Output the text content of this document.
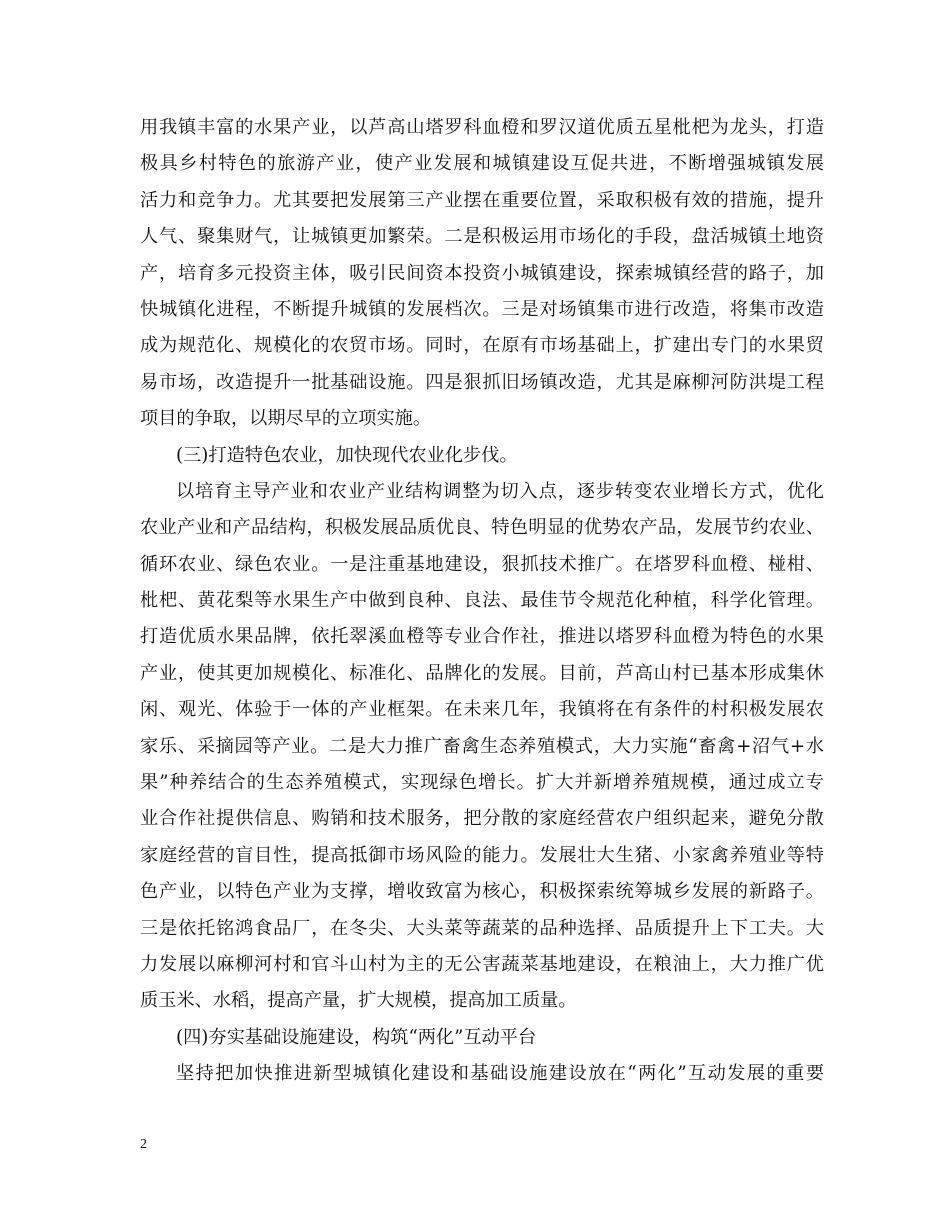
用我镇丰富的水果产业，以芦高山塔罗科血橙和罗汉道优质五星枇杷为龙头，打造
极具乡村特色的旅游产业，使产业发展和城镇建设互促共进，不断增强城镇发展
活力和竞争力。尤其要把发展第三产业摆在重要位置，采取积极有效的措施，提升
人气、聚集财气，让城镇更加繁荣。二是积极运用市场化的手段，盘活城镇土地资
产，培育多元投资主体，吸引民间资本投资小城镇建设，探索城镇经营的路子，加
快城镇化进程，不断提升城镇的发展档次。三是对场镇集市进行改造，将集市改造
成为规范化、规模化的农贸市场。同时，在原有市场基础上，扩建出专门的水果贸
易市场，改造提升一批基础设施。四是狠抓旧场镇改造，尤其是麻柳河防洪堤工程
项目的争取，以期尽早的立项实施。
(三)打造特色农业，加快现代农业化步伐。
以培育主导产业和农业产业结构调整为切入点，逐步转变农业增长方式，优化
农业产业和产品结构，积极发展品质优良、特色明显的优势农产品，发展节约农业、
循环农业、绿色农业。一是注重基地建设，狠抓技术推广。在塔罗科血橙、椪柑、
枇杷、黄花梨等水果生产中做到良种、良法、最佳节令规范化种植，科学化管理。
打造优质水果品牌，依托翠溪血橙等专业合作社，推进以塔罗科血橙为特色的水果
产业，使其更加规模化、标准化、品牌化的发展。目前，芦高山村已基本形成集休
闲、观光、体验于一体的产业框架。在未来几年，我镇将在有条件的村积极发展农
家乐、采摘园等产业。二是大力推广畜禽生态养殖模式，大力实施“畜禽+沼气+水
果”种养结合的生态养殖模式，实现绿色增长。扩大并新增养殖规模，通过成立专
业合作社提供信息、购销和技术服务，把分散的家庭经营农户组织起来，避免分散
家庭经营的盲目性，提高抵御市场风险的能力。发展壮大生猪、小家禽养殖业等特
色产业，以特色产业为支撑，增收致富为核心，积极探索统筹城乡发展的新路子。
三是依托铭鸿食品厂，在冬尖、大头菜等蔬菜的品种选择、品质提升上下工夫。大
力发展以麻柳河村和官斗山村为主的无公害蔬菜基地建设，在粮油上，大力推广优
质玉米、水稻，提高产量，扩大规模，提高加工质量。
(四)夯实基础设施建设，构筑“两化”互动平台
坚持把加快推进新型城镇化建设和基础设施建设放在“两化”互动发展的重要
2
